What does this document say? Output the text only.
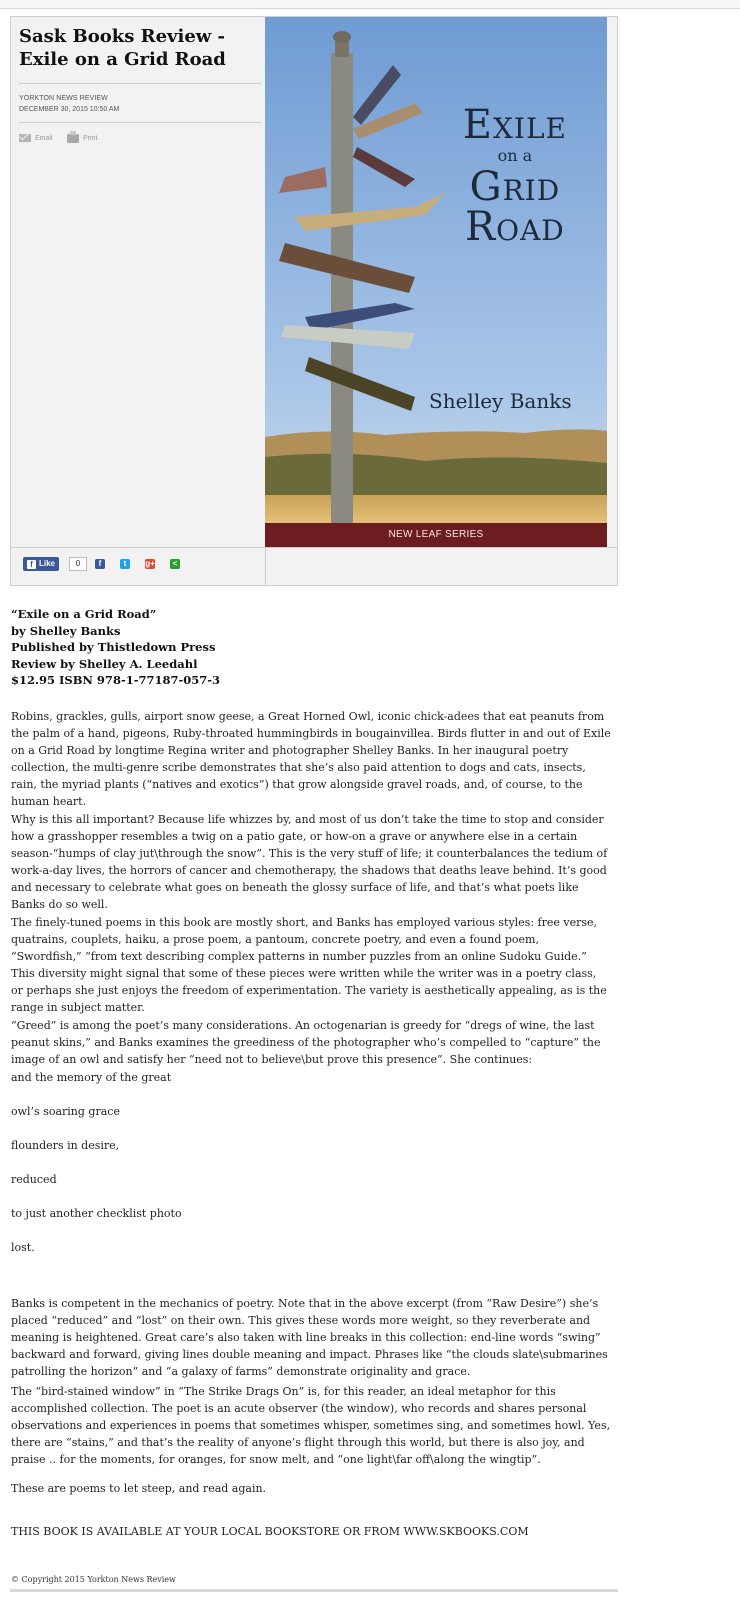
Sask Books Review - Exile on a Grid Road
YORKTON NEWS REVIEW
DECEMBER 30, 2015 10:50 AM
Email	Print	Exile
on a
Grid
Road
Shelley Banks
NEW LEAF SERIES
f Like	0	f	t	g+	<
“Exile on a Grid Road”
by Shelley Banks
Published by Thistledown Press
Review by Shelley A. Leedahl
$12.95 ISBN 978-1-77187-057-3

Robins, grackles, gulls, airport snow geese, a Great Horned Owl, iconic chick-adees that eat peanuts from the palm of a hand, pigeons, Ruby-throated hummingbirds in bougainvillea. Birds flutter in and out of Exile on a Grid Road by longtime Regina writer and photographer Shelley Banks. In her inaugural poetry collection, the multi-genre scribe demonstrates that she’s also paid attention to dogs and cats, insects, rain, the myriad plants (“natives and exotics”) that grow alongside gravel roads, and, of course, to the human heart.

Why is this all important? Because life whizzes by, and most of us don’t take the time to stop and consider how a grasshopper resembles a twig on a patio gate, or how-on a grave or anywhere else in a certain season-“humps of clay jut\through the snow”. This is the very stuff of life; it counterbalances the tedium of work-a-day lives, the horrors of cancer and chemotherapy, the shadows that deaths leave behind. It’s good and necessary to celebrate what goes on beneath the glossy surface of life, and that’s what poets like Banks do so well.

The finely-tuned poems in this book are mostly short, and Banks has employed various styles: free verse, quatrains, couplets, haiku, a prose poem, a pantoum, concrete poetry, and even a found poem, “Swordfish,” “from text describing complex patterns in number puzzles from an online Sudoku Guide.” This diversity might signal that some of these pieces were written while the writer was in a poetry class, or perhaps she just enjoys the freedom of experimentation. The variety is aesthetically appealing, as is the range in subject matter.

“Greed” is among the poet’s many considerations. An octogenarian is greedy for “dregs of wine, the last peanut skins,” and Banks examines the greediness of the photographer who’s compelled to “capture” the image of an owl and satisfy her “need not to believe\but prove this presence”. She continues:

and the memory of the great

owl’s soaring grace

flounders in desire,

reduced

to just another checklist photo

lost.

Banks is competent in the mechanics of poetry. Note that in the above excerpt (from “Raw Desire”) she’s placed “reduced” and “lost” on their own. This gives these words more weight, so they reverberate and meaning is heightened. Great care’s also taken with line breaks in this collection: end-line words “swing” backward and forward, giving lines double meaning and impact. Phrases like “the clouds slate\submarines patrolling the horizon” and “a galaxy of farms” demonstrate originality and grace.

The “bird-stained window” in “The Strike Drags On” is, for this reader, an ideal metaphor for this accomplished collection. The poet is an acute observer (the window), who records and shares personal observations and experiences in poems that sometimes whisper, sometimes sing, and sometimes howl. Yes, there are “stains,” and that’s the reality of anyone’s flight through this world, but there is also joy, and praise .. for the moments, for oranges, for snow melt, and “one light\far off\along the wingtip”.

These are poems to let steep, and read again.

THIS BOOK IS AVAILABLE AT YOUR LOCAL BOOKSTORE OR FROM WWW.SKBOOKS.COM

© Copyright 2015 Yorkton News Review
